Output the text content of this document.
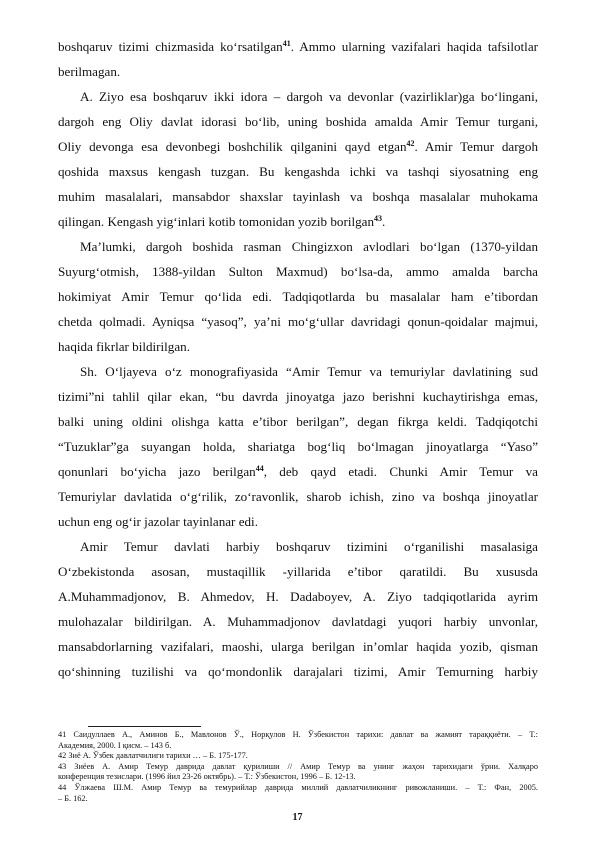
boshqaruv tizimi chizmasida ko‘rsatilgan$^{41}$. Ammo ularning vazifalari haqida tafsilotlar
berilmagan.
A. Ziyo esa boshqaruv ikki idora – dargoh va devonlar (vazirliklar)ga bo‘lingani,
dargoh eng Oliy davlat idorasi bo‘lib, uning boshida amalda Amir Temur turgani,
Oliy devonga esa devonbegi boshchilik qilganini qayd etgan$^{42}$. Amir Temur dargoh
qoshida maxsus kengash tuzgan. Bu kengashda ichki va tashqi siyosatning eng
muhim masalalari, mansabdor shaxslar tayinlash va boshqa masalalar muhokama
qilingan. Kengash yig‘inlari kotib tomonidan yozib borilgan$^{43}$.
Ma’lumki, dargoh boshida rasman Chingizxon avlodlari bo‘lgan (1370-yildan
Suyurg‘otmish, 1388-yildan Sulton Maxmud) bo‘lsa-da, ammo amalda barcha
hokimiyat Amir Temur qo‘lida edi. Tadqiqotlarda bu masalalar ham e’tibordan
chetda qolmadi. Ayniqsa “yasoq”, ya’ni mo‘g‘ullar davridagi qonun-qoidalar majmui,
haqida fikrlar bildirilgan.
Sh. O‘ljayeva o‘z monografiyasida “Amir Temur va temuriylar davlatining sud
tizimi”ni tahlil qilar ekan, “bu davrda jinoyatga jazo berishni kuchaytirishga emas,
balki uning oldini olishga katta e’tibor berilgan”, degan fikrga keldi. Tadqiqotchi
“Tuzuklar”ga suyangan holda, shariatga bog‘liq bo‘lmagan jinoyatlarga “Yaso”
qonunlari bo‘yicha jazo berilgan$^{44}$, deb qayd etadi. Chunki Amir Temur va
Temuriylar davlatida o‘g‘rilik, zo‘ravonlik, sharob ichish, zino va boshqa jinoyatlar
uchun eng og‘ir jazolar tayinlanar edi.
Amir Temur davlati harbiy boshqaruv tizimini o‘rganilishi masalasiga
O‘zbekistonda asosan, mustaqillik -yillarida e’tibor qaratildi. Bu xususda
A.Muhammadjonov, B. Ahmedov, H. Dadaboyev, A. Ziyo tadqiqotlarida ayrim
mulohazalar bildirilgan. A. Muhammadjonov davlatdagi yuqori harbiy unvonlar,
mansabdorlarning vazifalari, maoshi, ularga berilgan in’omlar haqida yozib, qisman
qo‘shinning tuzilishi va qo‘mondonlik darajalari tizimi, Amir Temurning harbiy
41 Саидуллаев А., Аминов Б., Мавлонов Ў., Норқулов Н. Ўзбекистон тарихи: давлат ва жамият тараққиёти. – Т.:
Академия, 2000. I қисм. – 143 б.
42 Зиё А. Ўзбек давлатчилиги тарихи … – Б. 175-177.
43 Зиёев А. Амир Темур даврида давлат қурилиши // Амир Темур ва унинг жаҳон тарихидаги ўрни. Халқаро
конференция тезислари. (1996 йил 23-26 октябрь). – Т.: Ўзбекистон, 1996 – Б. 12-13.
44 Ўлжаева Ш.М. Амир Темур ва темурийлар даврида миллий давлатчиликнинг ривожланиши. – Т.: Фан, 2005.
– Б. 162.
17
